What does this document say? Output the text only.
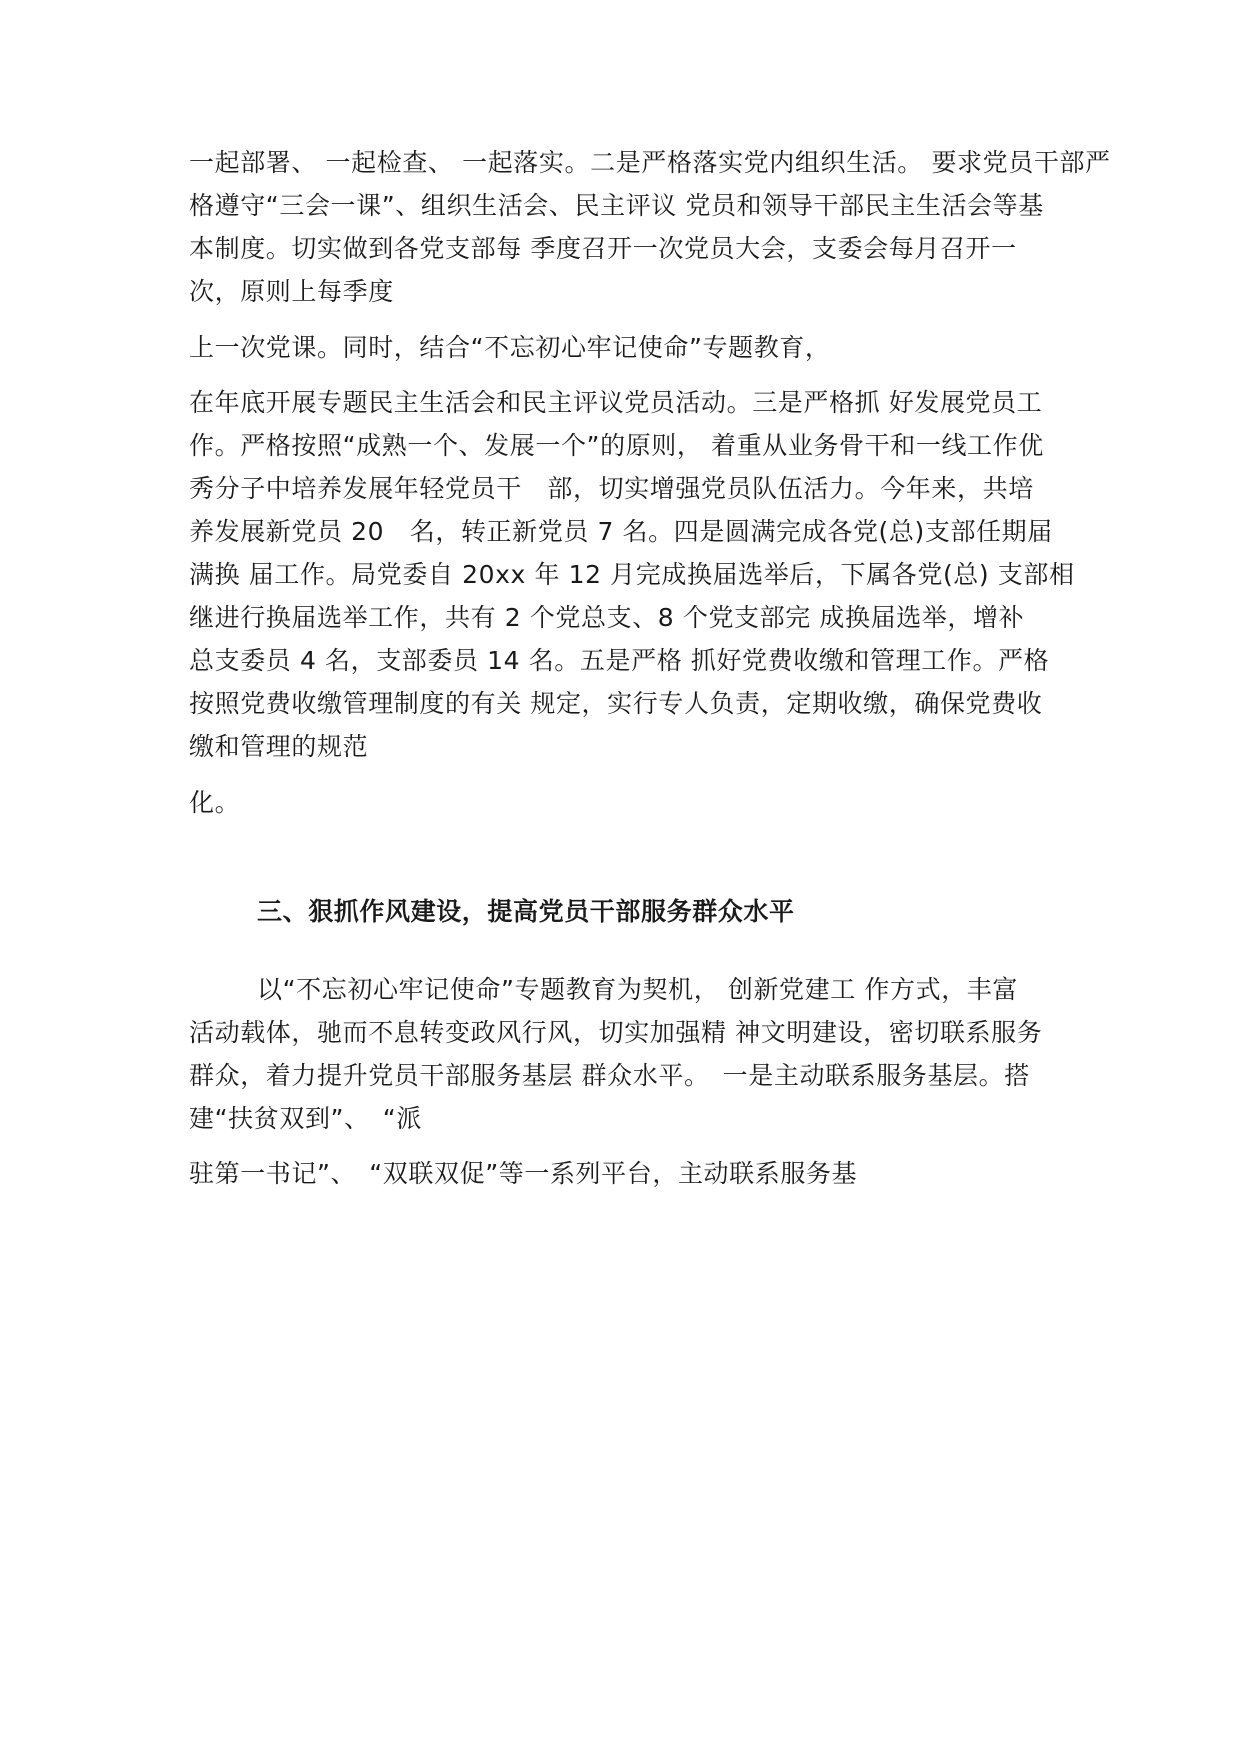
一起部署、 一起检查、 一起落实。二是严格落实党内组织生活。 要求党员干部严
格遵守“三会一课”、组织生活会、民主评议 党员和领导干部民主生活会等基
本制度。切实做到各党支部每 季度召开一次党员大会，支委会每月召开一
次，原则上每季度
上一次党课。同时，结合“不忘初心牢记使命”专题教育，
在年底开展专题民主生活会和民主评议党员活动。三是严格抓 好发展党员工
作。严格按照“成熟一个、发展一个”的原则， 着重从业务骨干和一线工作优
秀分子中培养发展年轻党员干　部，切实增强党员队伍活力。今年来，共培
养发展新党员 20　名，转正新党员 7 名。四是圆满完成各党(总)支部任期届
满换 届工作。局党委自 20xx 年 12 月完成换届选举后，下属各党(总) 支部相
继进行换届选举工作，共有 2 个党总支、8 个党支部完 成换届选举，增补
总支委员 4 名，支部委员 14 名。五是严格 抓好党费收缴和管理工作。严格
按照党费收缴管理制度的有关 规定，实行专人负责，定期收缴，确保党费收
缴和管理的规范
化。
三、狠抓作风建设，提高党员干部服务群众水平
以“不忘初心牢记使命”专题教育为契机， 创新党建工 作方式，丰富
活动载体，驰而不息转变政风行风，切实加强精 神文明建设，密切联系服务
群众，着力提升党员干部服务基层 群众水平。　一是主动联系服务基层。搭
建“扶贫双到”、　“派
驻第一书记”、　“双联双促”等一系列平台，主动联系服务基
